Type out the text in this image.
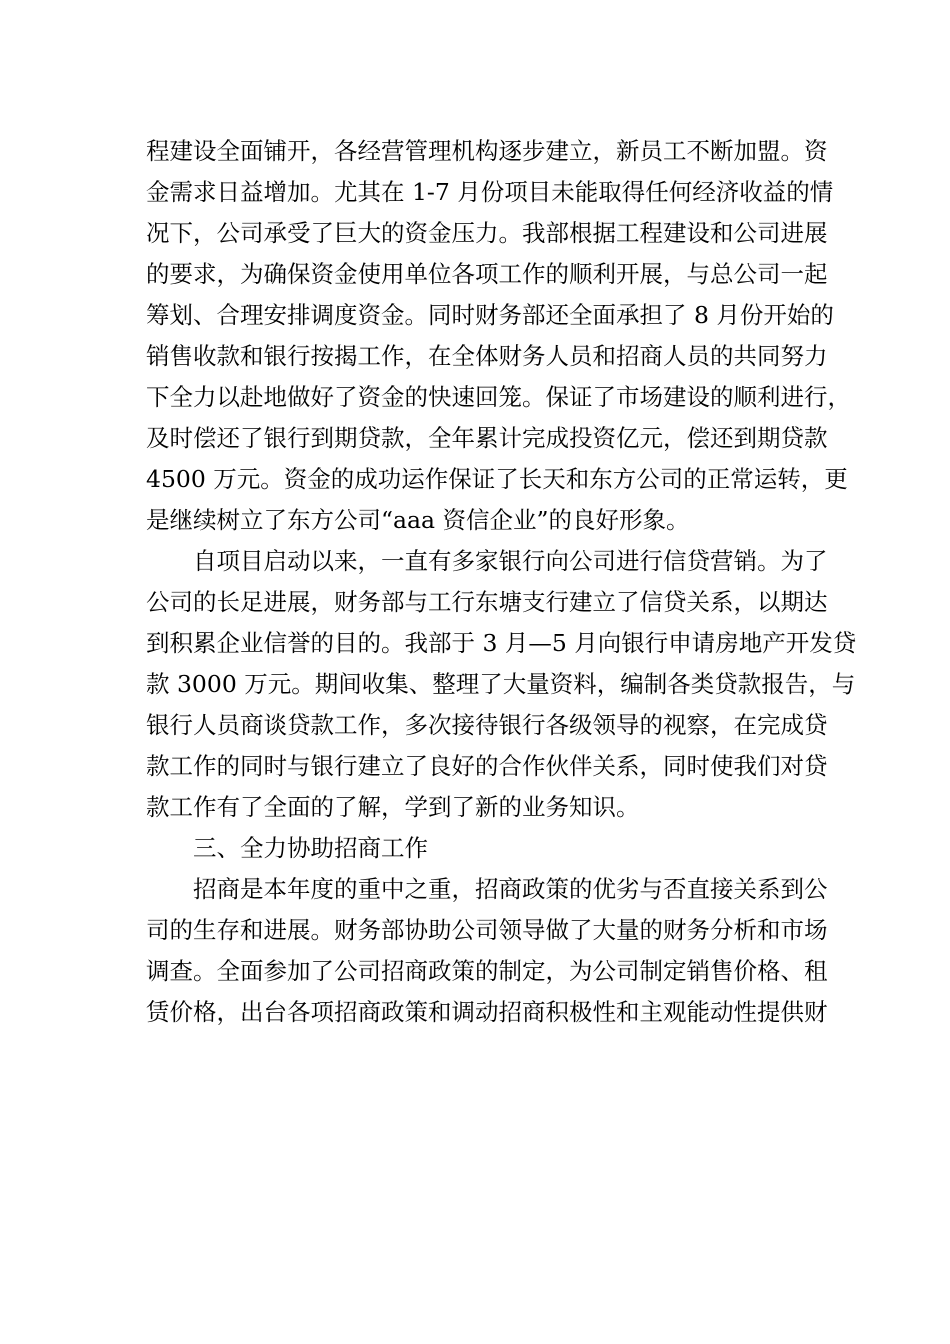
程建设全面铺开，各经营管理机构逐步建立，新员工不断加盟。资
金需求日益增加。尤其在 1-7 月份项目未能取得任何经济收益的情
况下，公司承受了巨大的资金压力。我部根据工程建设和公司进展
的要求，为确保资金使用单位各项工作的顺利开展，与总公司一起
筹划、合理安排调度资金。同时财务部还全面承担了 8 月份开始的
销售收款和银行按揭工作，在全体财务人员和招商人员的共同努力
下全力以赴地做好了资金的快速回笼。保证了市场建设的顺利进行，
及时偿还了银行到期贷款，全年累计完成投资亿元，偿还到期贷款
4500 万元。资金的成功运作保证了长天和东方公司的正常运转，更
是继续树立了东方公司“aaa 资信企业”的良好形象。
自项目启动以来，一直有多家银行向公司进行信贷营销。为了
公司的长足进展，财务部与工行东塘支行建立了信贷关系，以期达
到积累企业信誉的目的。我部于 3 月—5 月向银行申请房地产开发贷
款 3000 万元。期间收集、整理了大量资料，编制各类贷款报告，与
银行人员商谈贷款工作，多次接待银行各级领导的视察，在完成贷
款工作的同时与银行建立了良好的合作伙伴关系，同时使我们对贷
款工作有了全面的了解，学到了新的业务知识。
三、全力协助招商工作
招商是本年度的重中之重，招商政策的优劣与否直接关系到公
司的生存和进展。财务部协助公司领导做了大量的财务分析和市场
调查。全面参加了公司招商政策的制定，为公司制定销售价格、租
赁价格，出台各项招商政策和调动招商积极性和主观能动性提供财
